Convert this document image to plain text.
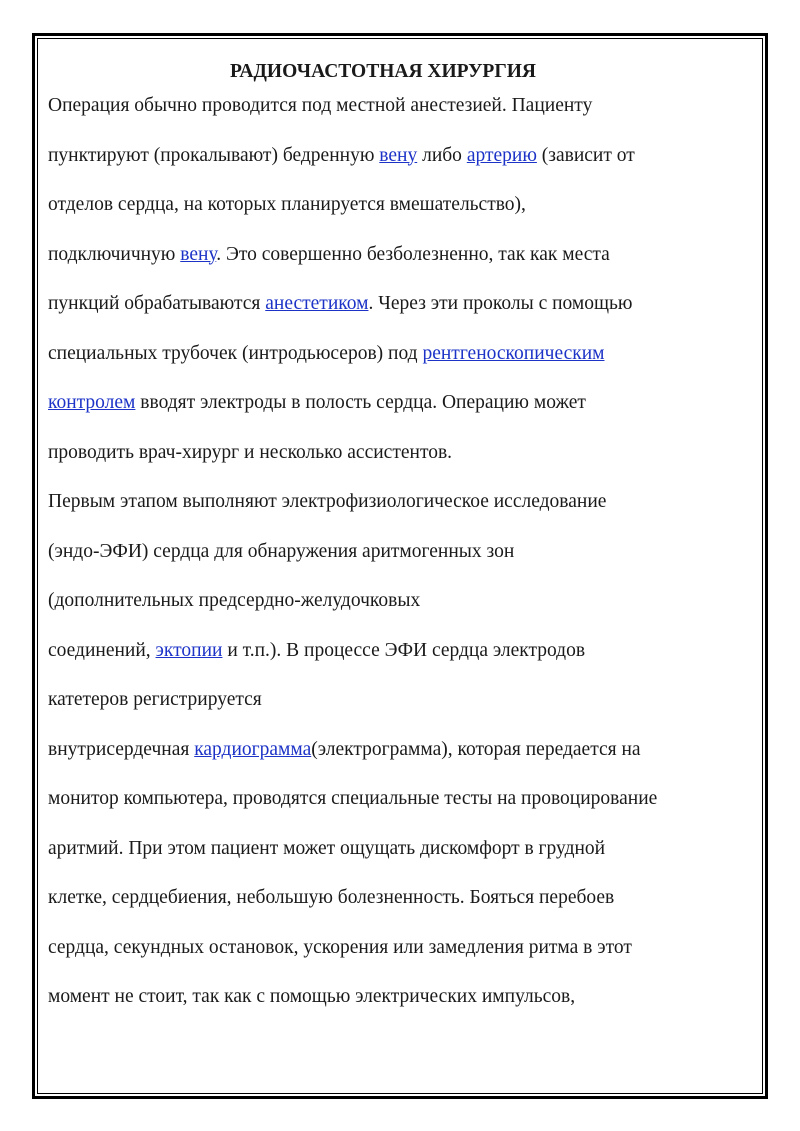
РАДИОЧАСТОТНАЯ ХИРУРГИЯ
Операция обычно проводится под местной анестезией. Пациенту
пунктируют (прокалывают) бедренную вену либо артерию (зависит от
отделов сердца, на которых планируется вмешательство),
подключичную вену. Это совершенно безболезненно, так как места
пункций обрабатываются анестетиком. Через эти проколы с помощью
специальных трубочек (интродьюсеров) под рентгеноскопическим
контролем вводят электроды в полость сердца. Операцию может
проводить врач-хирург и несколько ассистентов.
Первым этапом выполняют электрофизиологическое исследование
(эндо-ЭФИ) сердца для обнаружения аритмогенных зон
(дополнительных предсердно-желудочковых
соединений, эктопии и т.п.). В процессе ЭФИ сердца электродов
катетеров регистрируется
внутрисердечная кардиограмма(электрограмма), которая передается на
монитор компьютера, проводятся специальные тесты на провоцирование
аритмий. При этом пациент может ощущать дискомфорт в грудной
клетке, сердцебиения, небольшую болезненность. Бояться перебоев
сердца, секундных остановок, ускорения или замедления ритма в этот
момент не стоит, так как с помощью электрических импульсов,
